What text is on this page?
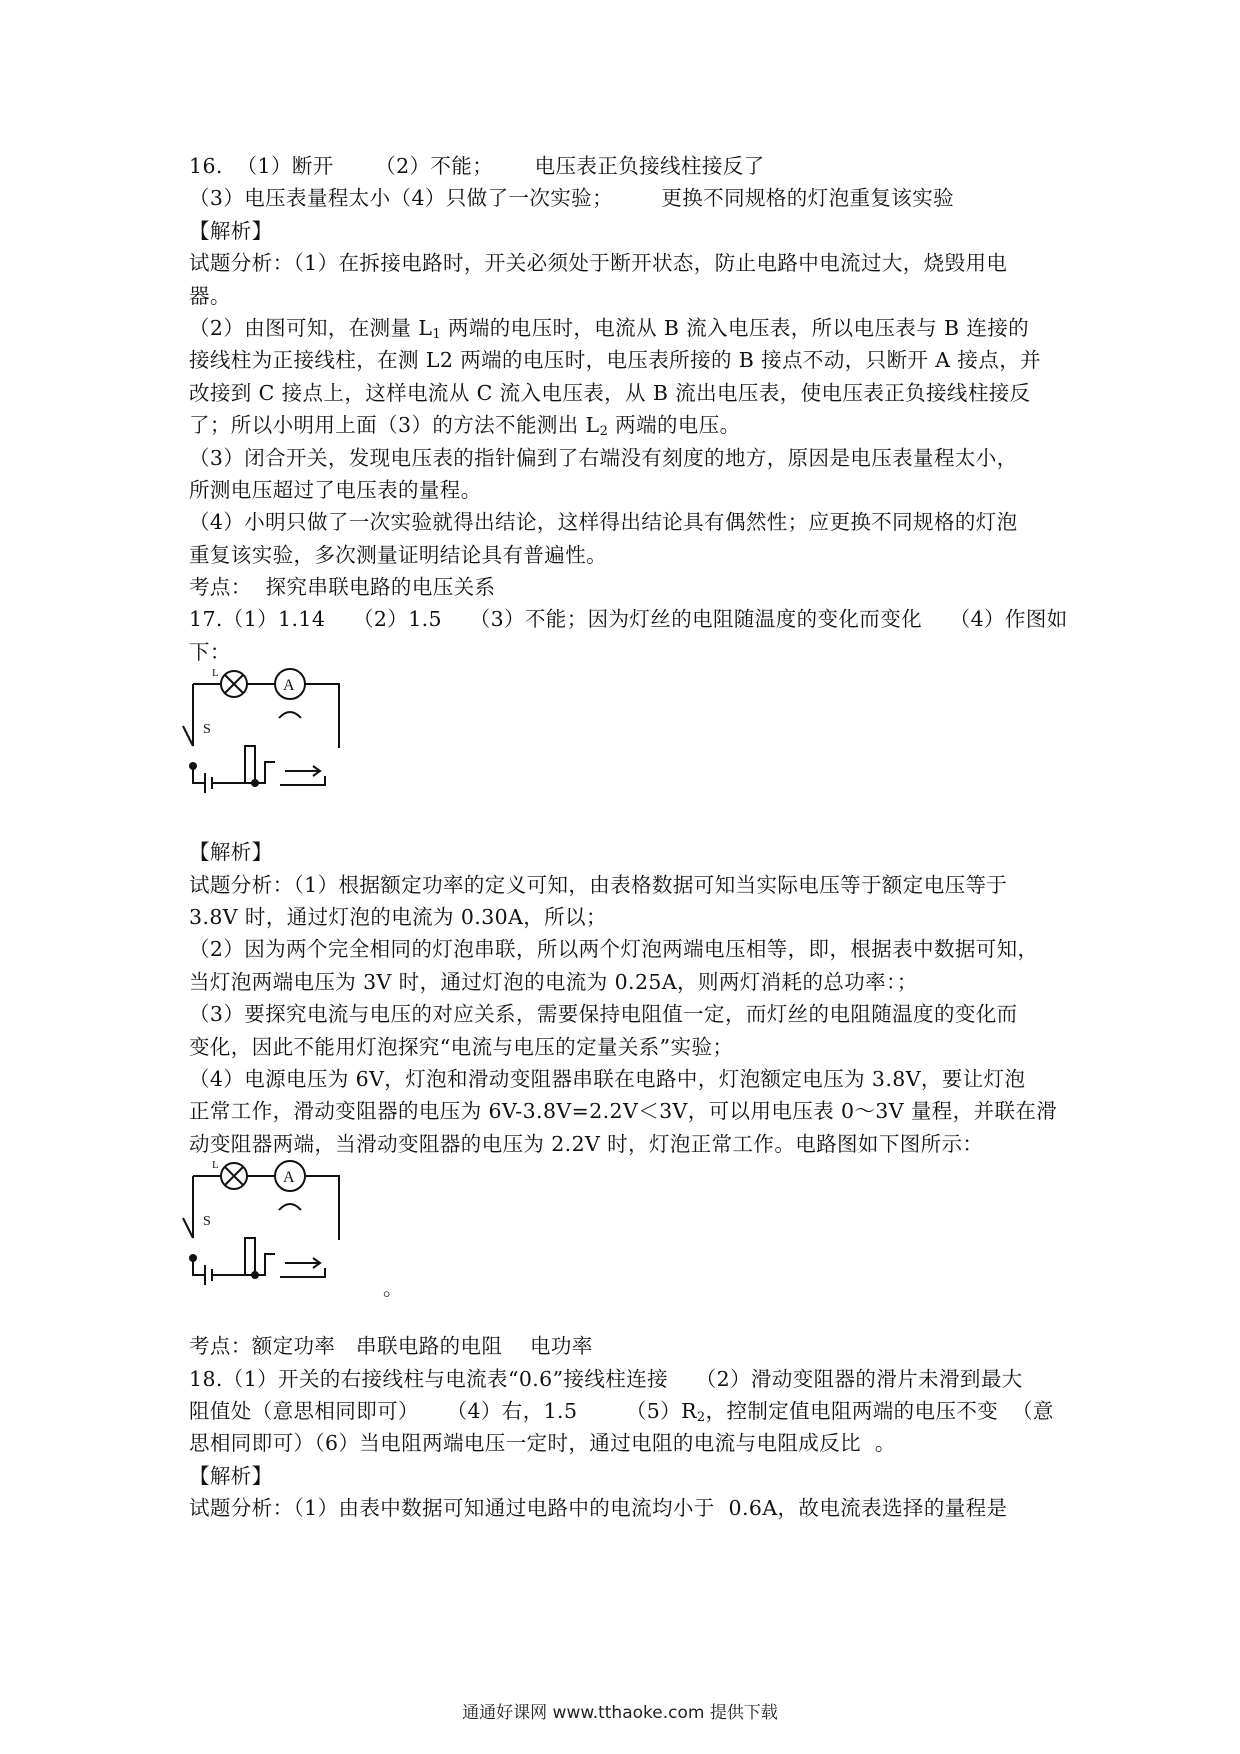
16.  （1）断开      （2）不能；      电压表正负接线柱接反了
（3）电压表量程太小（4）只做了一次实验；       更换不同规格的灯泡重复该实验
【解析】
试题分析：（1）在拆接电路时，开关必须处于断开状态，防止电路中电流过大，烧毁用电
器。
（2）由图可知，在测量 $L_1$ 两端的电压时，电流从 B 流入电压表，所以电压表与 B 连接的
接线柱为正接线柱，在测 L2 两端的电压时，电压表所接的 B 接点不动，只断开 A 接点，并
改接到 C 接点上，这样电流从 C 流入电压表，从 B 流出电压表，使电压表正负接线柱接反
了；所以小明用上面（3）的方法不能测出 $L_2$ 两端的电压。
（3）闭合开关，发现电压表的指针偏到了右端没有刻度的地方，原因是电压表量程太小，
所测电压超过了电压表的量程。
（4）小明只做了一次实验就得出结论，这样得出结论具有偶然性；应更换不同规格的灯泡
重复该实验，多次测量证明结论具有普遍性。
考点：  探究串联电路的电压关系
17.（1）1.14    （2）1.5    （3）不能；因为灯丝的电阻随温度的变化而变化    （4）作图如
下：
L
A
S
【解析】
试题分析：（1）根据额定功率的定义可知，由表格数据可知当实际电压等于额定电压等于
3.8V 时，通过灯泡的电流为 0.30A，所以；
（2）因为两个完全相同的灯泡串联，所以两个灯泡两端电压相等，即，根据表中数据可知，
当灯泡两端电压为 3V 时，通过灯泡的电流为 0.25A，则两灯消耗的总功率：；
（3）要探究电流与电压的对应关系，需要保持电阻值一定，而灯丝的电阻随温度的变化而
变化，因此不能用灯泡探究“电流与电压的定量关系”实验；
（4）电源电压为 6V，灯泡和滑动变阻器串联在电路中，灯泡额定电压为 3.8V，要让灯泡
正常工作，滑动变阻器的电压为 6V-3.8V=2.2V＜3V，可以用电压表 0～3V 量程，并联在滑
动变阻器两端，当滑动变阻器的电压为 2.2V 时，灯泡正常工作。电路图如下图所示：
L
A
S
。
考点：额定功率   串联电路的电阻    电功率
18.（1）开关的右接线柱与电流表“0.6”接线柱连接    （2）滑动变阻器的滑片未滑到最大
阻值处（意思相同即可）    （4）右，1.5       $(5)R_2$，控制定值电阻两端的电压不变  （意
思相同即可）（6）当电阻两端电压一定时，通过电阻的电流与电阻成反比  。
【解析】
试题分析：（1）由表中数据可知通过电路中的电流均小于  0.6A，故电流表选择的量程是
通通好课网 www.tthaoke.com 提供下载
